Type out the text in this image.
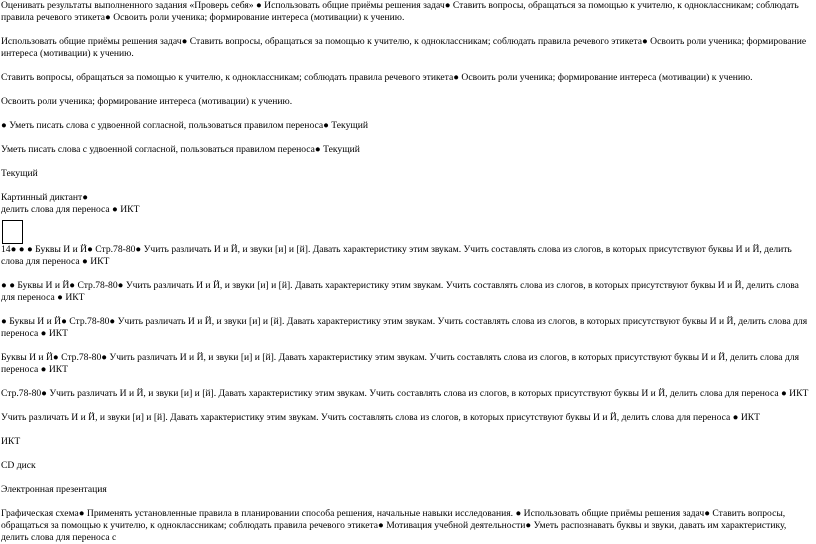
Оценивать результаты выполненного задания «Проверь себя» ● Использовать общие приёмы решения задач● Ставить вопросы, обращаться за помощью к учителю, к одноклассникам; соблюдать правила речевого этикета● Освоить роли ученика; формирование интереса (мотивации) к учению.

Использовать общие приёмы решения задач● Ставить вопросы, обращаться за помощью к учителю, к одноклассникам; соблюдать правила речевого этикета● Освоить роли ученика; формирование интереса (мотивации) к учению.

Ставить вопросы, обращаться за помощью к учителю, к одноклассникам; соблюдать правила речевого этикета● Освоить роли ученика; формирование интереса (мотивации) к учению.

Освоить роли ученика; формирование интереса (мотивации) к учению.

● Уметь писать слова с удвоенной согласной, пользоваться правилом переноса● Текущий

Уметь писать слова с удвоенной согласной, пользоваться правилом переноса● Текущий

Текущий

Картинный диктант●

делить слова для переноса ● ИКТ

14● ● ● Буквы И и Й● Стр.78-80● Учить различать И и Й, и звуки [и] и [й]. Давать характеристику этим звукам. Учить составлять слова из слогов, в которых присутствуют буквы И и Й, делить слова для переноса ● ИКТ

● ● Буквы И и Й● Стр.78-80● Учить различать И и Й, и звуки [и] и [й]. Давать характеристику этим звукам. Учить составлять слова из слогов, в которых присутствуют буквы И и Й, делить слова для переноса ● ИКТ

● Буквы И и Й● Стр.78-80● Учить различать И и Й, и звуки [и] и [й]. Давать характеристику этим звукам. Учить составлять слова из слогов, в которых присутствуют буквы И и Й, делить слова для переноса ● ИКТ

Буквы И и Й● Стр.78-80● Учить различать И и Й, и звуки [и] и [й]. Давать характеристику этим звукам. Учить составлять слова из слогов, в которых присутствуют буквы И и Й, делить слова для переноса ● ИКТ

Стр.78-80● Учить различать И и Й, и звуки [и] и [й]. Давать характеристику этим звукам. Учить составлять слова из слогов, в которых присутствуют буквы И и Й, делить слова для переноса ● ИКТ

Учить различать И и Й, и звуки [и] и [й]. Давать характеристику этим звукам. Учить составлять слова из слогов, в которых присутствуют буквы И и Й, делить слова для переноса ● ИКТ

ИКТ

CD диск

Электронная презентация

Графическая схема● Применять установленные правила в планировании способа решения, начальные навыки исследования. ● Использовать общие приёмы решения задач● Ставить вопросы, обращаться за помощью к учителю, к одноклассникам; соблюдать правила речевого этикета● Мотивация учебной деятельности● Уметь распознавать буквы и звуки, давать им характеристику, делить слова для переноса с
